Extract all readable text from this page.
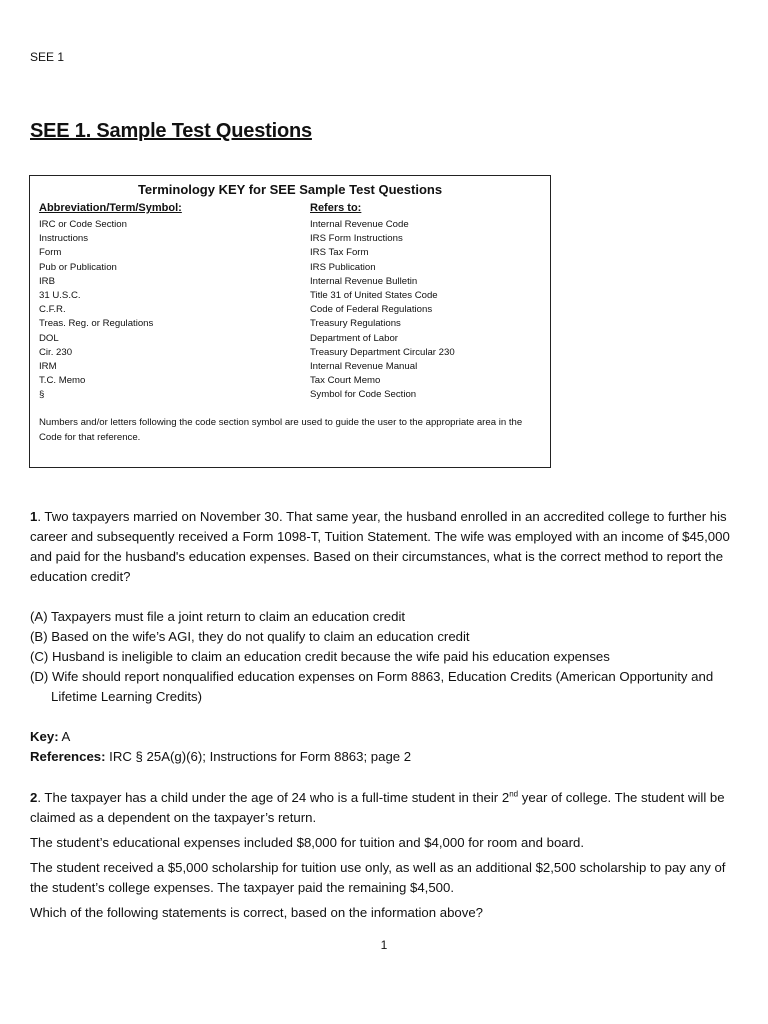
SEE 1
SEE 1. Sample Test Questions
Terminology KEY for SEE Sample Test Questions
Abbreviation/Term/Symbol:	Refers to:
IRC or Code Section	Internal Revenue Code
Instructions	IRS Form Instructions
Form	IRS Tax Form
Pub or Publication	IRS Publication
IRB	Internal Revenue Bulletin
31 U.S.C.	Title 31 of United States Code
C.F.R.	Code of Federal Regulations
Treas. Reg. or Regulations	Treasury Regulations
DOL	Department of Labor
Cir. 230	Treasury Department Circular 230
IRM	Internal Revenue Manual
T.C. Memo	Tax Court Memo
§	Symbol for Code Section
Numbers and/or letters following the code section symbol are used to guide the user to the appropriate area in the Code for that reference.

1. Two taxpayers married on November 30. That same year, the husband enrolled in an accredited college to further his career and subsequently received a Form 1098-T, Tuition Statement. The wife was employed with an income of $45,000 and paid for the husband's education expenses. Based on their circumstances, what is the correct method to report the education credit?

(A) Taxpayers must file a joint return to claim an education credit

(B) Based on the wife’s AGI, they do not qualify to claim an education credit

(C) Husband is ineligible to claim an education credit because the wife paid his education expenses

(D) Wife should report nonqualified education expenses on Form 8863, Education Credits (American Opportunity and Lifetime Learning Credits)

Key: A

References: IRC § 25A(g)(6); Instructions for Form 8863; page 2

2. The taxpayer has a child under the age of 24 who is a full-time student in their 2nd year of college. The student will be claimed as a dependent on the taxpayer’s return.

The student’s educational expenses included $8,000 for tuition and $4,000 for room and board.

The student received a $5,000 scholarship for tuition use only, as well as an additional $2,500 scholarship to pay any of the student’s college expenses. The taxpayer paid the remaining $4,500.

Which of the following statements is correct, based on the information above?

1
